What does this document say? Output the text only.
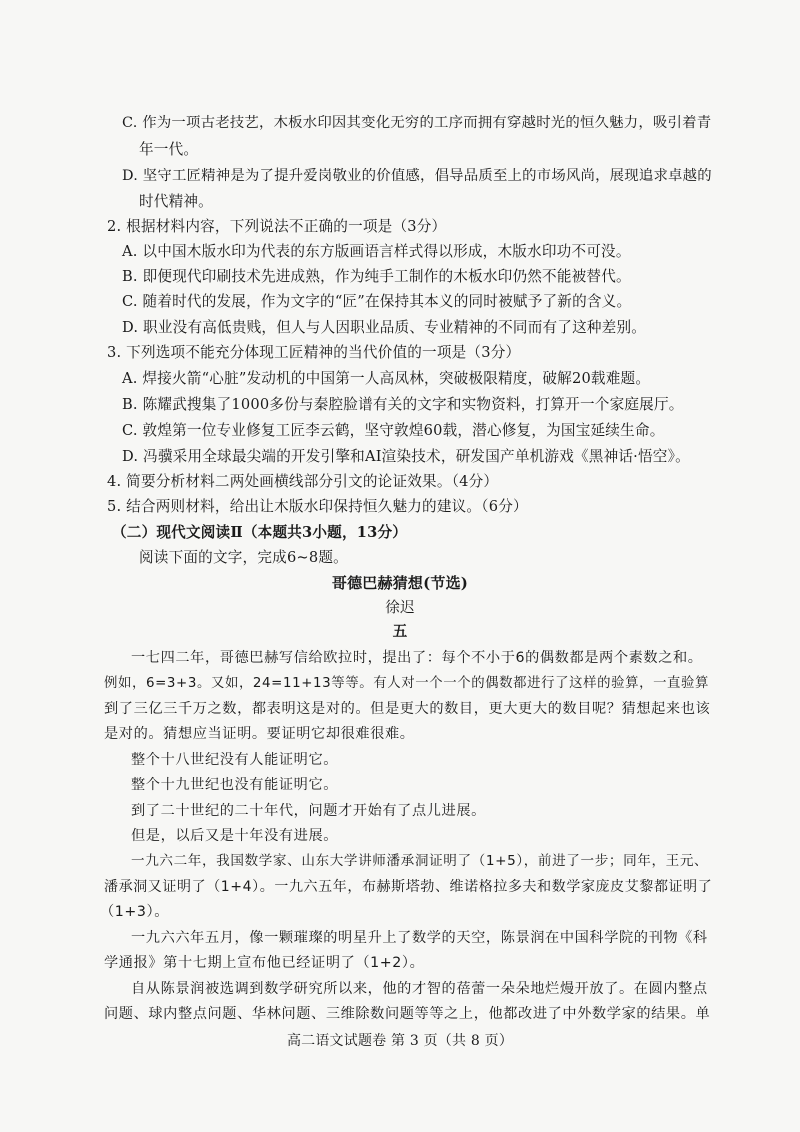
C. 作为一项古老技艺，木板水印因其变化无穷的工序而拥有穿越时光的恒久魅力，吸引着青
年一代。
D. 坚守工匠精神是为了提升爱岗敬业的价值感，倡导品质至上的市场风尚，展现追求卓越的
时代精神。
2. 根据材料内容，下列说法不正确的一项是（3分）
A. 以中国木版水印为代表的东方版画语言样式得以形成，木版水印功不可没。
B. 即便现代印刷技术先进成熟，作为纯手工制作的木板水印仍然不能被替代。
C. 随着时代的发展，作为文字的“匠”在保持其本义的同时被赋予了新的含义。
D. 职业没有高低贵贱，但人与人因职业品质、专业精神的不同而有了这种差别。
3. 下列选项不能充分体现工匠精神的当代价值的一项是（3分）
A. 焊接火箭“心脏”发动机的中国第一人高凤林，突破极限精度，破解20载难题。
B. 陈耀武搜集了1000多份与秦腔脸谱有关的文字和实物资料，打算开一个家庭展厅。
C. 敦煌第一位专业修复工匠李云鹤，坚守敦煌60载，潜心修复，为国宝延续生命。
D. 冯骥采用全球最尖端的开发引擎和AI渲染技术，研发国产单机游戏《黑神话·悟空》。
4. 简要分析材料二两处画横线部分引文的论证效果。（4分）
5. 结合两则材料，给出让木版水印保持恒久魅力的建议。（6分）
（二）现代文阅读Ⅱ（本题共3小题，13分）
阅读下面的文字，完成6~8题。
哥德巴赫猜想(节选)
徐迟
五
一七四二年，哥德巴赫写信给欧拉时，提出了：每个不小于6的偶数都是两个素数之和。
例如，6=3+3。又如，24=11+13等等。有人对一个一个的偶数都进行了这样的验算，一直验算
到了三亿三千万之数，都表明这是对的。但是更大的数目，更大更大的数目呢？猜想起来也该
是对的。猜想应当证明。要证明它却很难很难。
整个十八世纪没有人能证明它。
整个十九世纪也没有能证明它。
到了二十世纪的二十年代，问题才开始有了点儿进展。
但是，以后又是十年没有进展。
一九六二年，我国数学家、山东大学讲师潘承洞证明了（1+5），前进了一步；同年，王元、
潘承洞又证明了（1+4）。一九六五年，布赫斯塔勃、维诺格拉多夫和数学家庞皮艾黎都证明了
（1+3）。
一九六六年五月，像一颗璀璨的明星升上了数学的天空，陈景润在中国科学院的刊物《科
学通报》第十七期上宣布他已经证明了（1+2）。
自从陈景润被选调到数学研究所以来，他的才智的蓓蕾一朵朵地烂熳开放了。在圆内整点
问题、球内整点问题、华林问题、三维除数问题等等之上，他都改进了中外数学家的结果。单
高二语文试题卷 第 3 页（共 8 页）
